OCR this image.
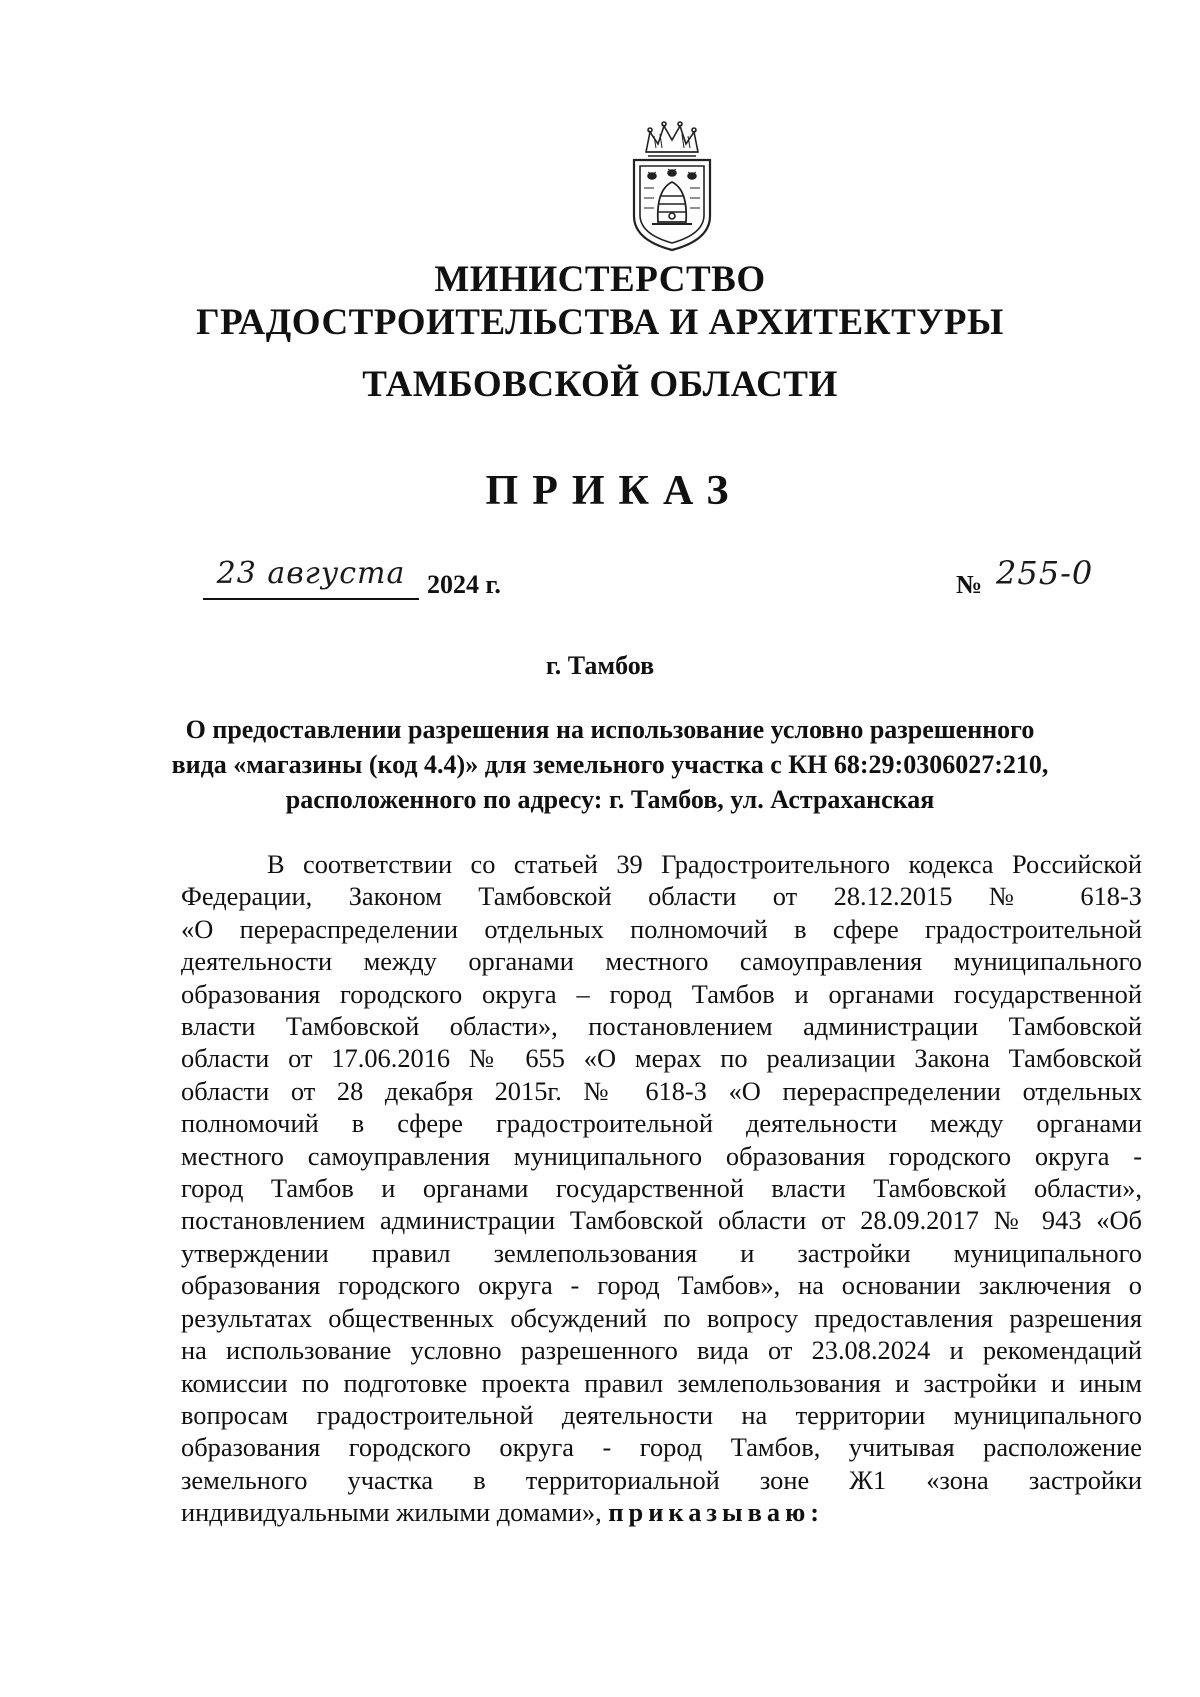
МИНИСТЕРСТВО
ГРАДОСТРОИТЕЛЬСТВА И АРХИТЕКТУРЫ
ТАМБОВСКОЙ ОБЛАСТИ
ПРИКАЗ
23 августа 2024 г.	№ 255-0
г. Тамбов
О предоставлении разрешения на использование условно разрешенного
вида «магазины (код 4.4)» для земельного участка с КН 68:29:0306027:210,
расположенного по адресу: г. Тамбов, ул. Астраханская
В соответствии со статьей 39 Градостроительного кодекса Российской
Федерации, Законом Тамбовской области от 28.12.2015 № 618-З
«О перераспределении отдельных полномочий в сфере градостроительной
деятельности между органами местного самоуправления муниципального
образования городского округа – город Тамбов и органами государственной
власти Тамбовской области», постановлением администрации Тамбовской
области от 17.06.2016 № 655 «О мерах по реализации Закона Тамбовской
области от 28 декабря 2015г. № 618-З «О перераспределении отдельных
полномочий в сфере градостроительной деятельности между органами
местного самоуправления муниципального образования городского округа -
город Тамбов и органами государственной власти Тамбовской области»,
постановлением администрации Тамбовской области от 28.09.2017 № 943 «Об
утверждении правил землепользования и застройки муниципального
образования городского округа - город Тамбов», на основании заключения о
результатах общественных обсуждений по вопросу предоставления разрешения
на использование условно разрешенного вида от 23.08.2024 и рекомендаций
комиссии по подготовке проекта правил землепользования и застройки и иным
вопросам градостроительной деятельности на территории муниципального
образования городского округа - город Тамбов, учитывая расположение
земельного участка в территориальной зоне Ж1 «зона застройки
индивидуальными жилыми домами», приказываю:
